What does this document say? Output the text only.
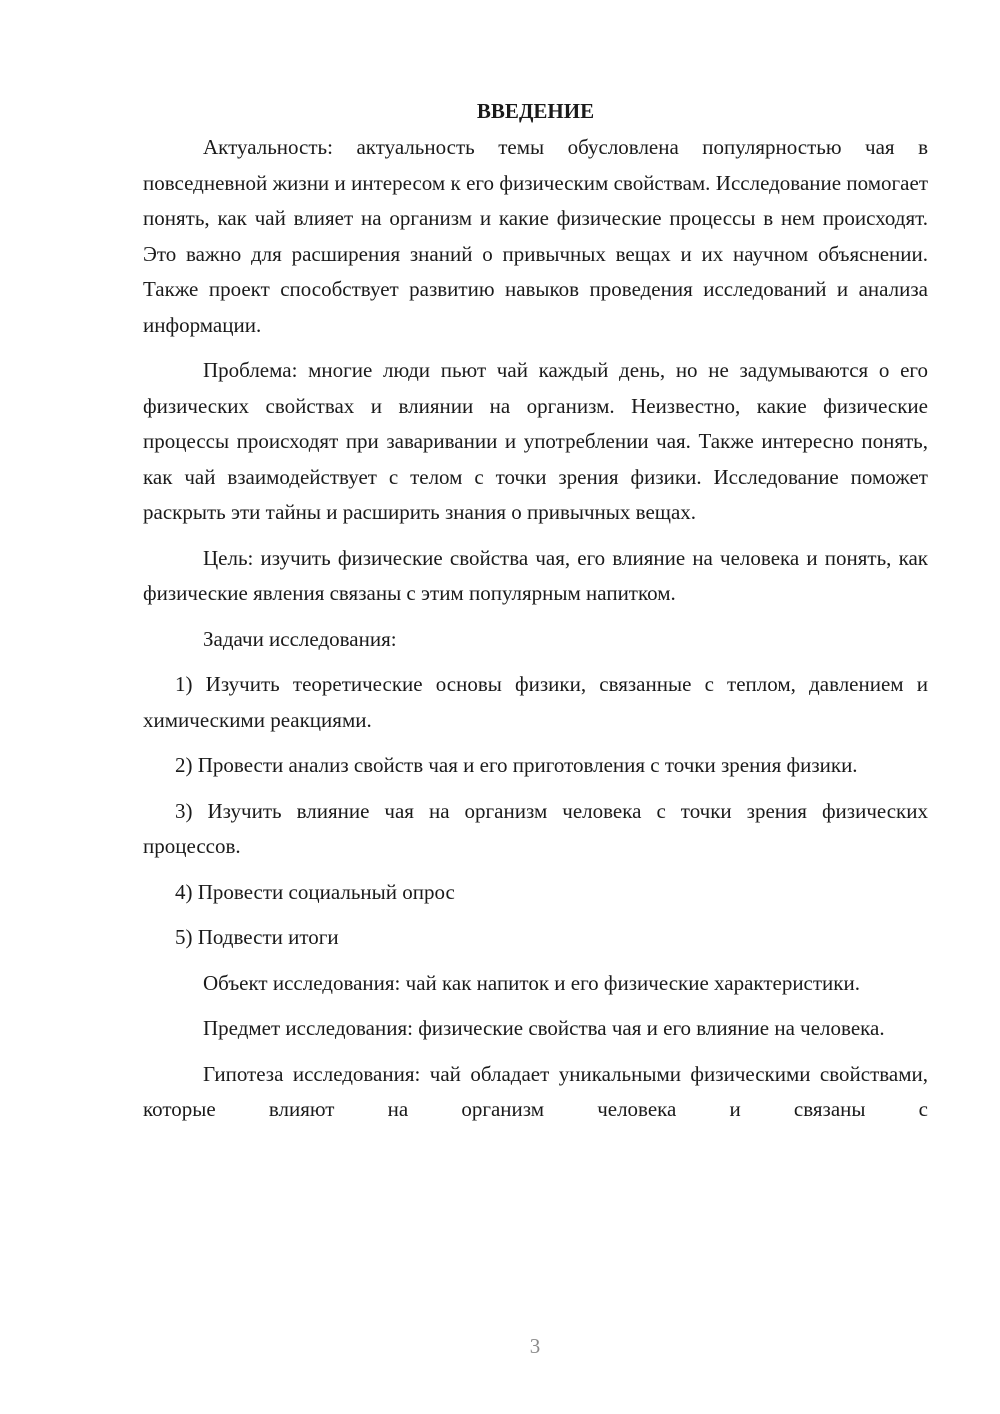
ВВЕДЕНИЕ

Актуальность: актуальность темы обусловлена популярностью чая в повседневной жизни и интересом к его физическим свойствам. Исследование помогает понять, как чай влияет на организм и какие физические процессы в нем происходят. Это важно для расширения знаний о привычных вещах и их научном объяснении. Также проект способствует развитию навыков проведения исследований и анализа информации.

Проблема: многие люди пьют чай каждый день, но не задумываются о его физических свойствах и влиянии на организм. Неизвестно, какие физические процессы происходят при заваривании и употреблении чая. Также интересно понять, как чай взаимодействует с телом с точки зрения физики. Исследование поможет раскрыть эти тайны и расширить знания о привычных вещах.

Цель: изучить физические свойства чая, его влияние на человека и понять, как физические явления связаны с этим популярным напитком.

Задачи исследования:

1) Изучить теоретические основы физики, связанные с теплом, давлением и химическими реакциями.

2) Провести анализ свойств чая и его приготовления с точки зрения физики.

3) Изучить влияние чая на организм человека с точки зрения физических процессов.

4) Провести социальный опрос

5) Подвести итоги

Объект исследования: чай как напиток и его физические характеристики.

Предмет исследования: физические свойства чая и его влияние на человека.

Гипотеза исследования: чай обладает уникальными физическими свойствами, которые влияют на организм человека и связаны с

3
